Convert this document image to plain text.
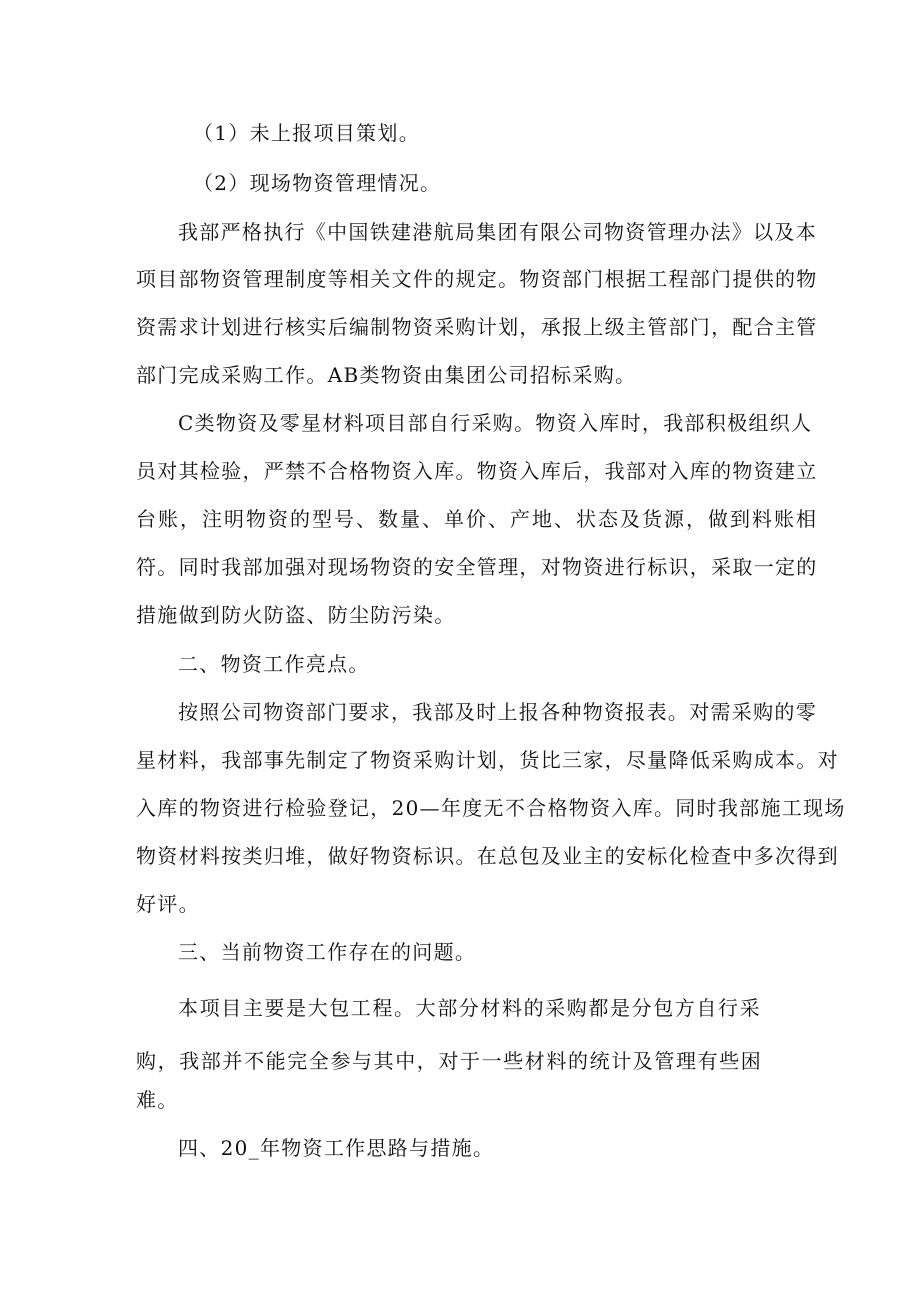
（1）未上报项目策划。
（2）现场物资管理情况。
我部严格执行《中国铁建港航局集团有限公司物资管理办法》以及本
项目部物资管理制度等相关文件的规定。物资部门根据工程部门提供的物
资需求计划进行核实后编制物资采购计划，承报上级主管部门，配合主管
部门完成采购工作。AB类物资由集团公司招标采购。
C类物资及零星材料项目部自行采购。物资入库时，我部积极组织人
员对其检验，严禁不合格物资入库。物资入库后，我部对入库的物资建立
台账，注明物资的型号、数量、单价、产地、状态及货源，做到料账相
符。同时我部加强对现场物资的安全管理，对物资进行标识，采取一定的
措施做到防火防盗、防尘防污染。
二、物资工作亮点。
按照公司物资部门要求，我部及时上报各种物资报表。对需采购的零
星材料，我部事先制定了物资采购计划，货比三家，尽量降低采购成本。对
入库的物资进行检验登记，20—年度无不合格物资入库。同时我部施工现场
物资材料按类归堆，做好物资标识。在总包及业主的安标化检查中多次得到
好评。
三、当前物资工作存在的问题。
本项目主要是大包工程。大部分材料的采购都是分包方自行采
购，我部并不能完全参与其中，对于一些材料的统计及管理有些困
难。
四、20_年物资工作思路与措施。
